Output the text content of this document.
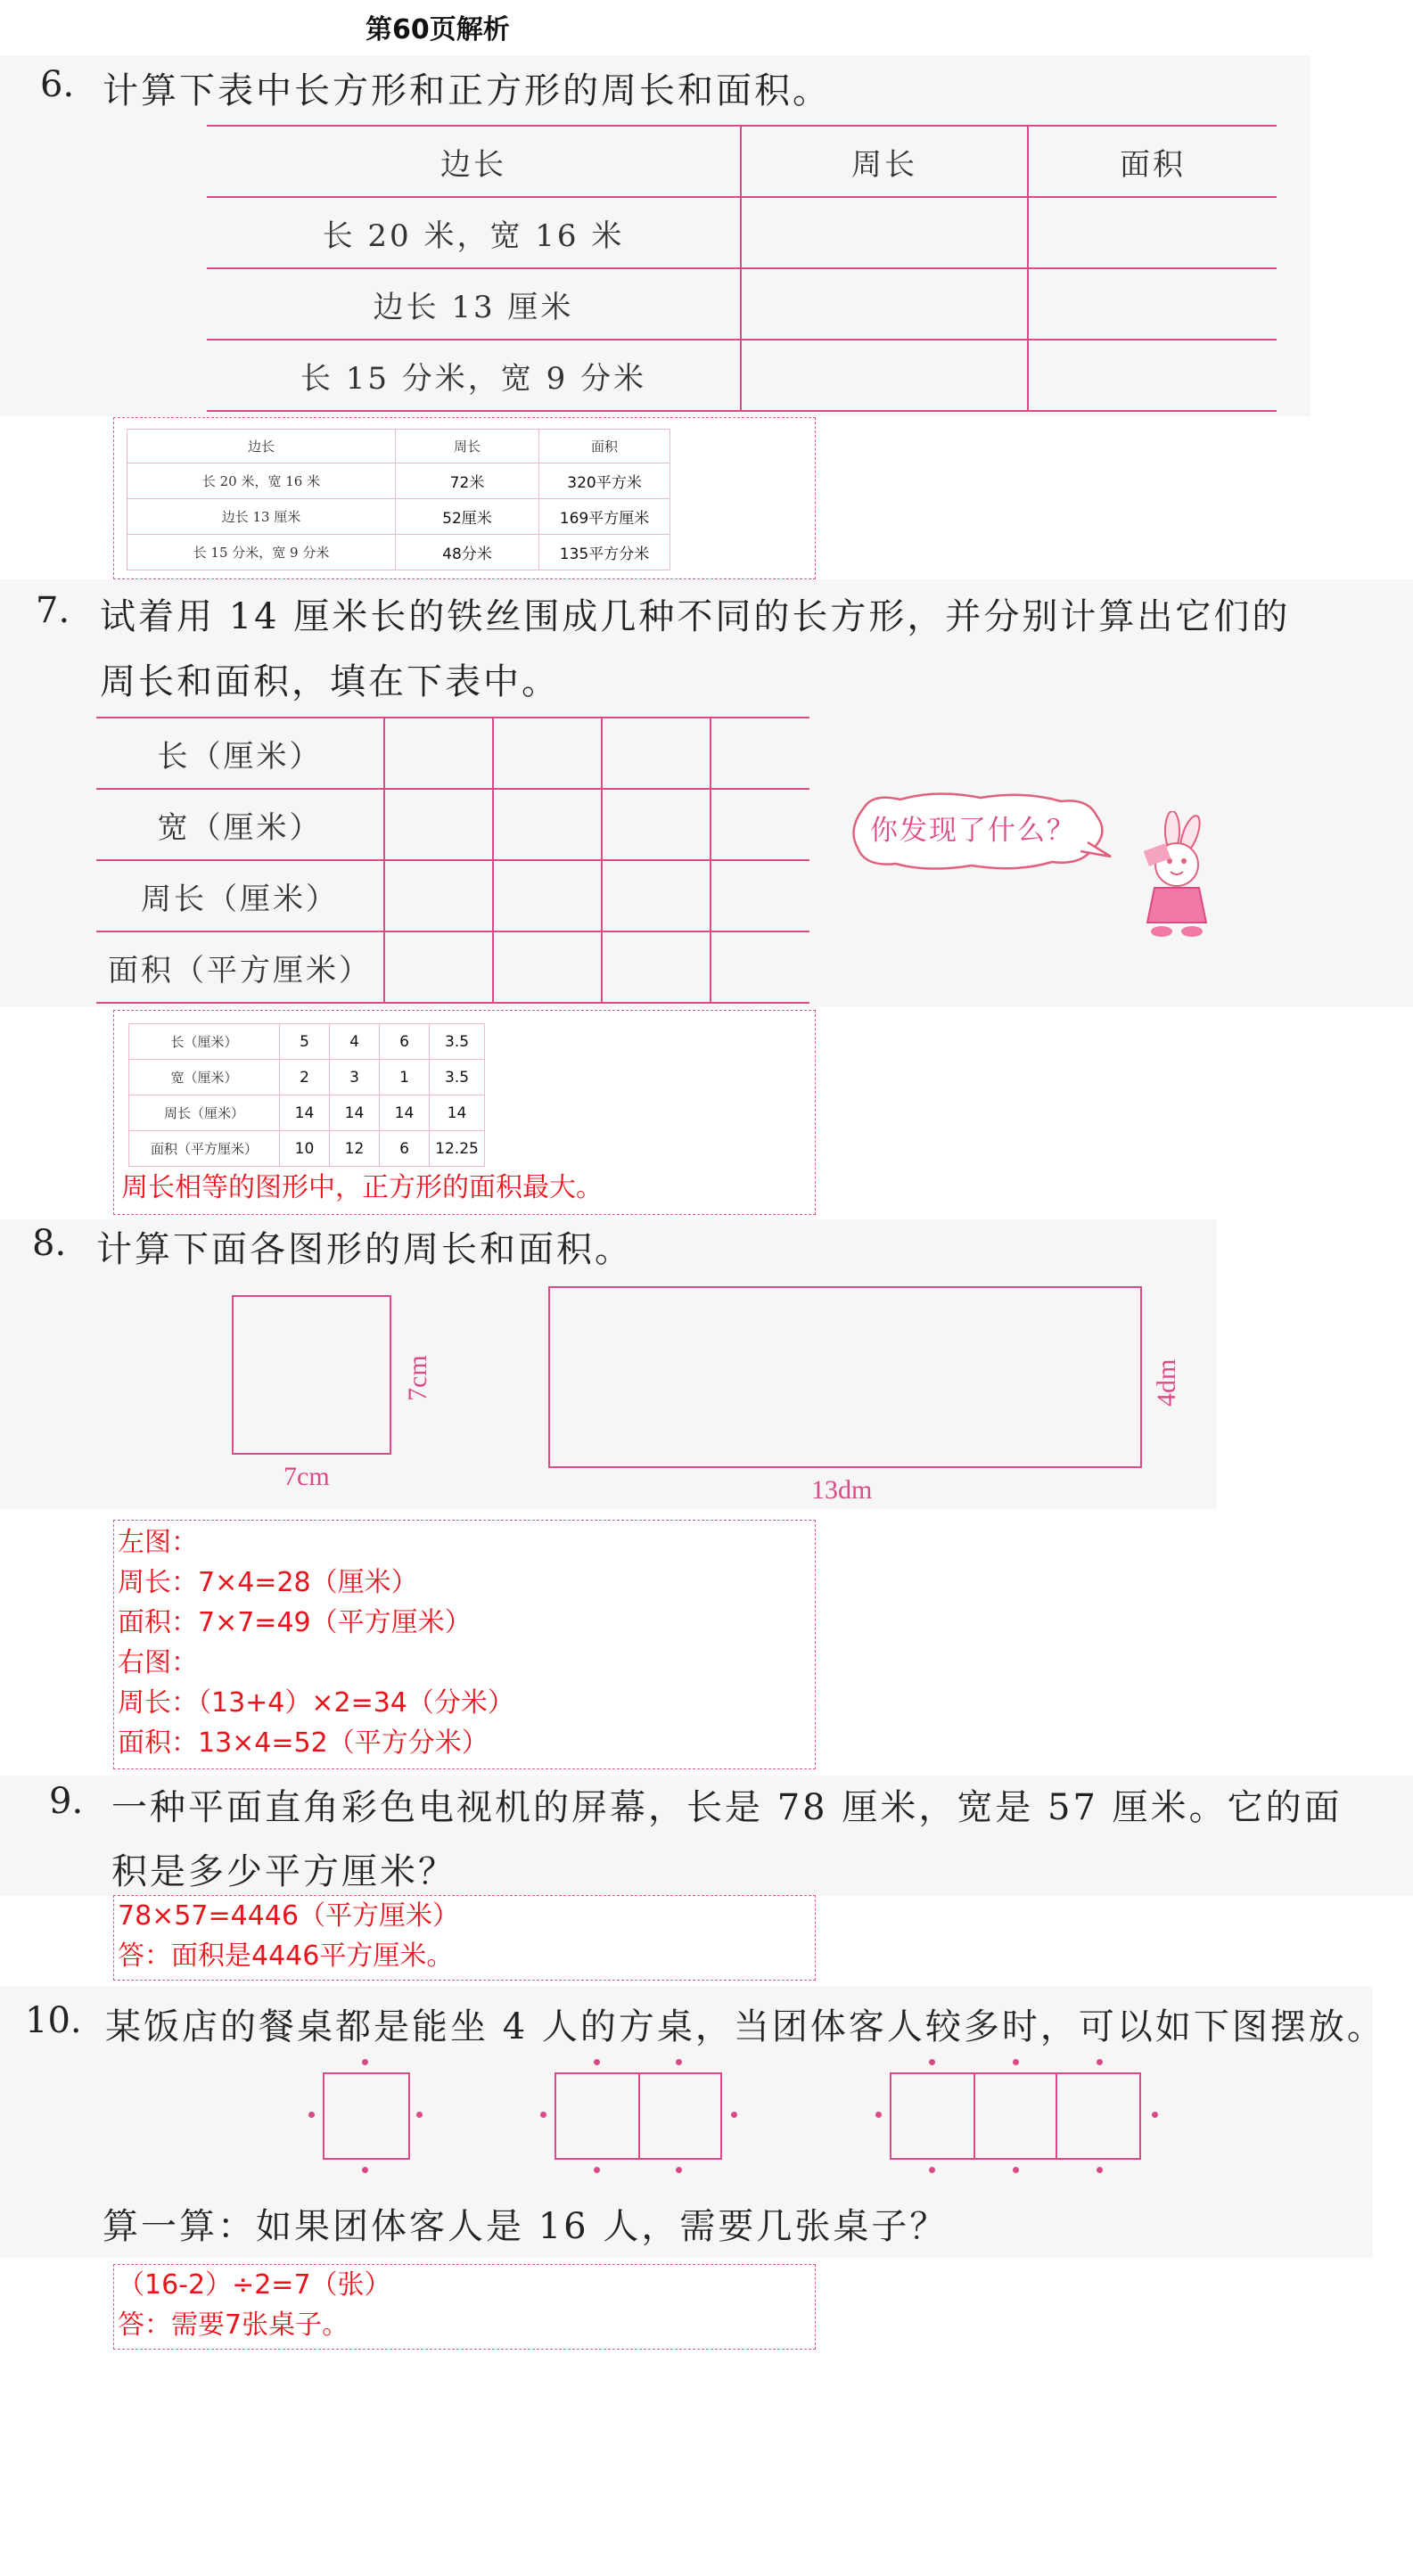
第60页解析
6. 计算下表中长方形和正方形的周长和面积。
边长	周长	面积
长 20 米，宽 16 米		
边长 13 厘米		
长 15 分米，宽 9 分米		
边长	周长	面积
长 20 米，宽 16 米	72米	320平方米
边长 13 厘米	52厘米	169平方厘米
长 15 分米，宽 9 分米	48分米	135平方分米
7. 试着用 14 厘米长的铁丝围成几种不同的长方形，并分别计算出它们的
周长和面积，填在下表中。
长（厘米）				
宽（厘米）				
周长（厘米）				
面积（平方厘米）				
你发现了什么？
长（厘米）	5	4	6	3.5
宽（厘米）	2	3	1	3.5
周长（厘米）	14	14	14	14
面积（平方厘米）	10	12	6	12.25
周长相等的图形中，正方形的面积最大。
8. 计算下面各图形的周长和面积。
7cm
7cm
4dm
13dm
左图：
周长：7×4=28（厘米）
面积：7×7=49（平方厘米）
右图：
周长：（13+4）×2=34（分米）
面积：13×4=52（平方分米）
9. 一种平面直角彩色电视机的屏幕，长是 78 厘米，宽是 57 厘米。它的面
积是多少平方厘米？
78×57=4446（平方厘米）
答：面积是4446平方厘米。
10. 某饭店的餐桌都是能坐 4 人的方桌，当团体客人较多时，可以如下图摆放。
算一算：如果团体客人是 16 人，需要几张桌子？
（16-2）÷2=7（张）
答：需要7张桌子。
